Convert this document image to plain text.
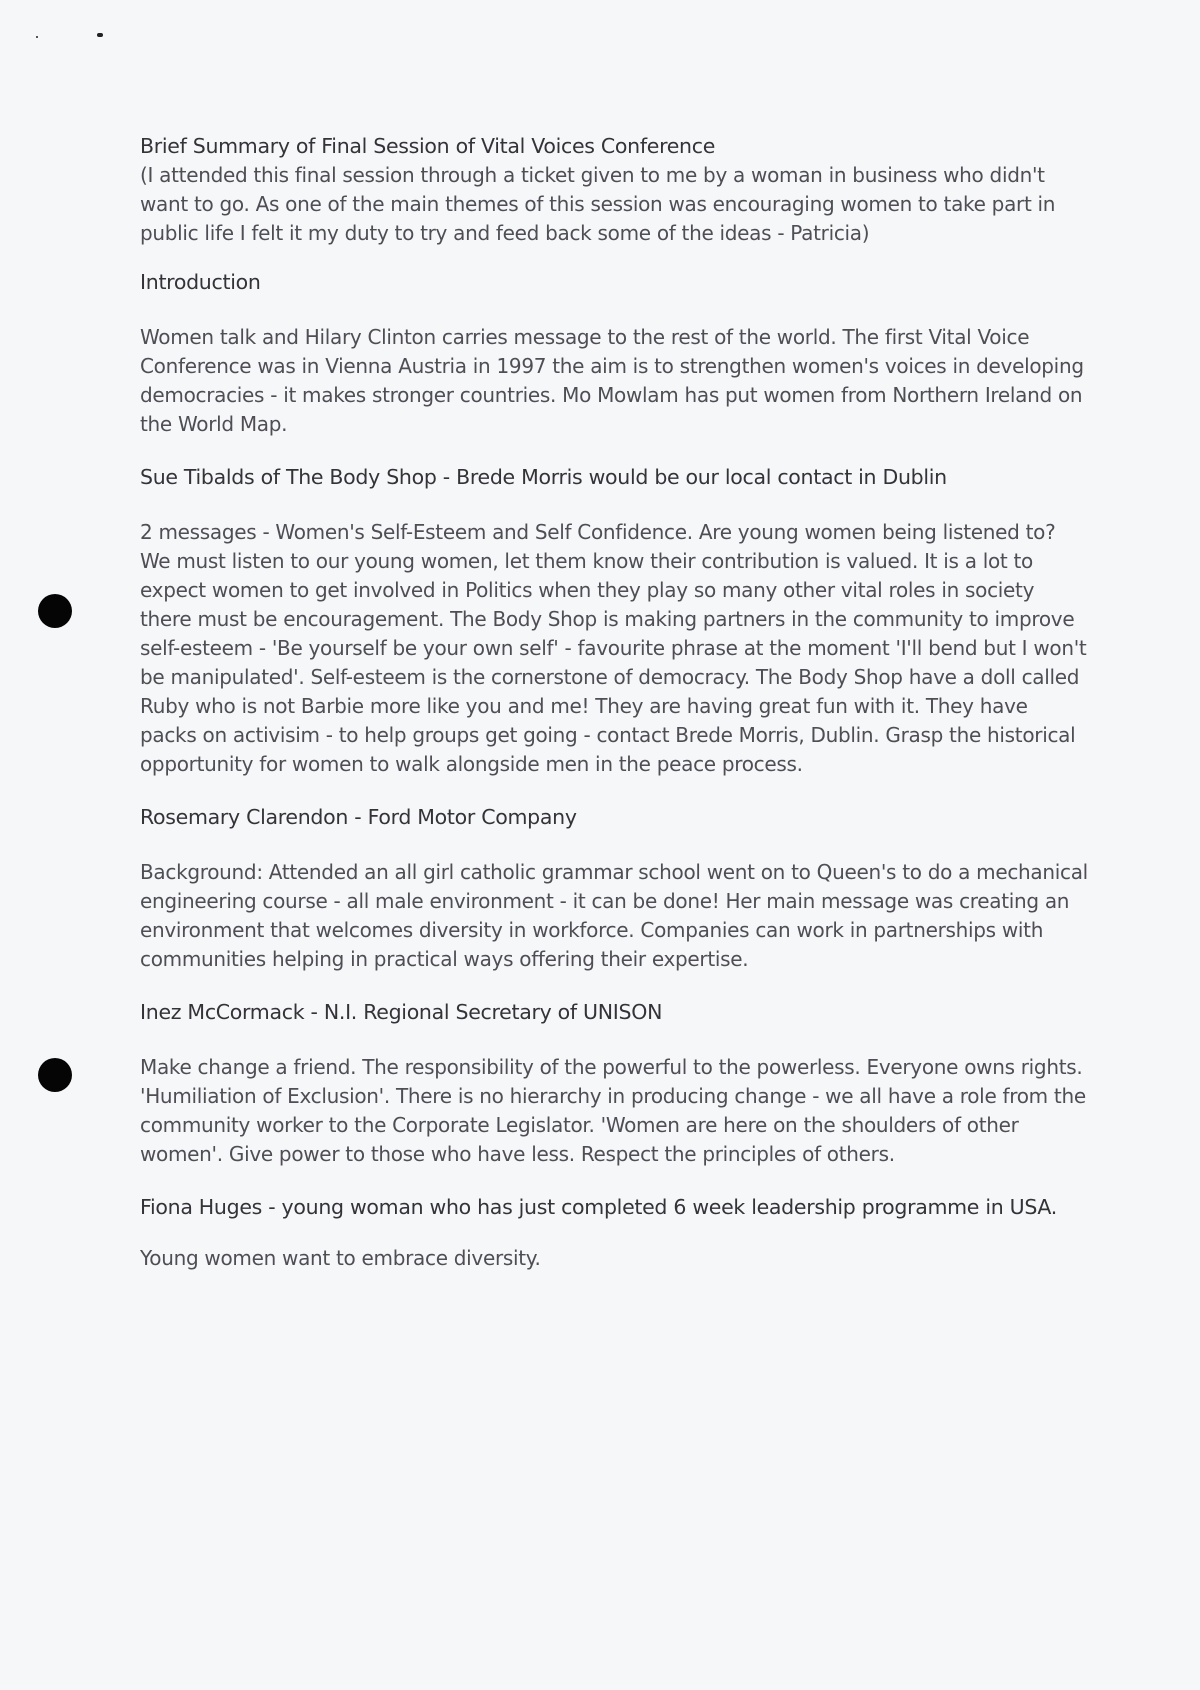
Brief Summary of Final Session of Vital Voices Conference

(I attended this final session through a ticket given to me by a woman in business who didn't want to go. As one of the main themes of this session was encouraging women to take part in public life I felt it my duty to try and feed back some of the ideas - Patricia)

Introduction

Women talk and Hilary Clinton carries message to the rest of the world. The first Vital Voice Conference was in Vienna Austria in 1997 the aim is to strengthen women's voices in developing democracies - it makes stronger countries. Mo Mowlam has put women from Northern Ireland on the World Map.

Sue Tibalds of The Body Shop - Brede Morris would be our local contact in Dublin

2 messages - Women's Self-Esteem and Self Confidence. Are young women being listened to? We must listen to our young women, let them know their contribution is valued. It is a lot to expect women to get involved in Politics when they play so many other vital roles in society there must be encouragement. The Body Shop is making partners in the community to improve self-esteem - 'Be yourself be your own self' - favourite phrase at the moment 'I'll bend but I won't be manipulated'. Self-esteem is the cornerstone of democracy. The Body Shop have a doll called Ruby who is not Barbie more like you and me! They are having great fun with it. They have packs on activisim - to help groups get going - contact Brede Morris, Dublin. Grasp the historical opportunity for women to walk alongside men in the peace process.

Rosemary Clarendon - Ford Motor Company

Background: Attended an all girl catholic grammar school went on to Queen's to do a mechanical engineering course - all male environment - it can be done! Her main message was creating an environment that welcomes diversity in workforce. Companies can work in partnerships with communities helping in practical ways offering their expertise.

Inez McCormack - N.I. Regional Secretary of UNISON

Make change a friend. The responsibility of the powerful to the powerless. Everyone owns rights. 'Humiliation of Exclusion'. There is no hierarchy in producing change - we all have a role from the community worker to the Corporate Legislator. 'Women are here on the shoulders of other women'. Give power to those who have less. Respect the principles of others.

Fiona Huges - young woman who has just completed 6 week leadership programme in USA.

Young women want to embrace diversity.
